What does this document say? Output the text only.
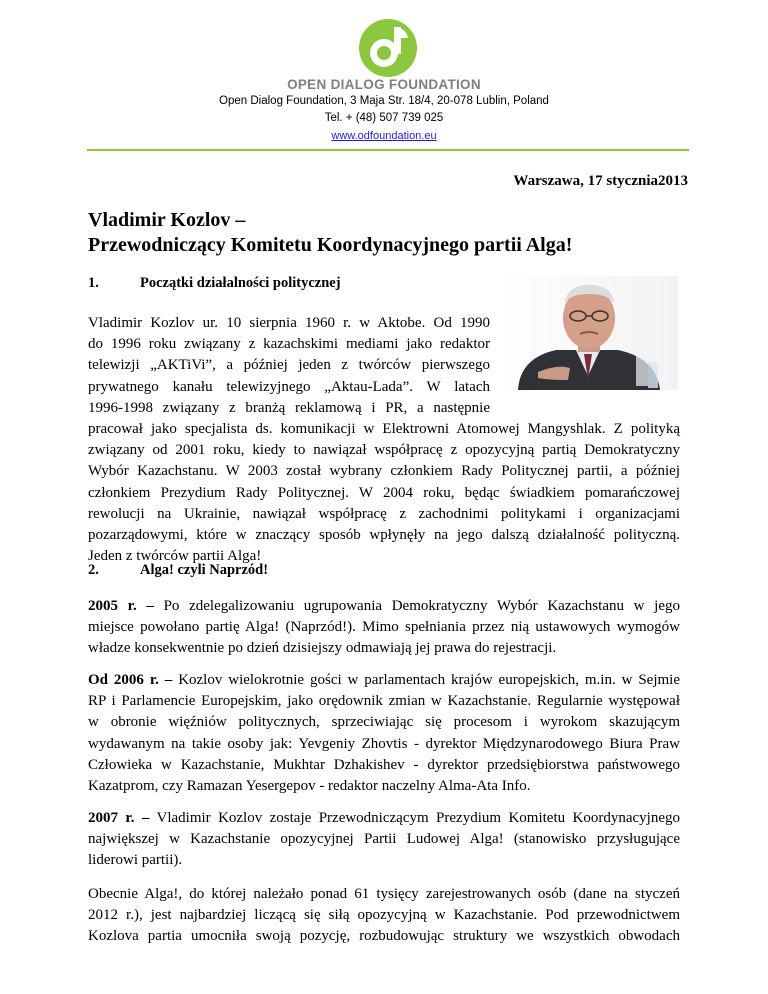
OPEN DIALOG FOUNDATION
Open Dialog Foundation, 3 Maja Str. 18/4, 20-078 Lublin, Poland
Tel. + (48) 507 739 025
www.odfoundation.eu
Warszawa, 17 stycznia2013
Vladimir Kozlov –
Przewodniczący Komitetu Koordynacyjnego partii Alga!
1.	Początki działalności politycznej
Vladimir Kozlov ur. 10 sierpnia 1960 r. w Aktobe. Od 1990
do 1996 roku związany z kazachskimi mediami jako redaktor
telewizji „AKTiVi”, a później jeden z twórców pierwszego
prywatnego kanału telewizyjnego „Aktau-Lada”. W latach
1996-1998 związany z branżą reklamową i PR, a następnie
pracował jako specjalista ds. komunikacji w Elektrowni Atomowej Mangyshlak. Z polityką
związany od 2001 roku, kiedy to nawiązał współpracę z opozycyjną partią Demokratyczny
Wybór Kazachstanu. W 2003 został wybrany członkiem Rady Politycznej partii, a później
członkiem Prezydium Rady Politycznej. W 2004 roku, będąc świadkiem pomarańczowej
rewolucji na Ukrainie, nawiązał współpracę z zachodnimi politykami i organizacjami
pozarządowymi, które w znaczący sposób wpłynęły na jego dalszą działalność polityczną.
Jeden z twórców partii Alga!
2.	Alga! czyli Naprzód!
2005 r. – Po zdelegalizowaniu ugrupowania Demokratyczny Wybór Kazachstanu w jego
miejsce powołano partię Alga! (Naprzód!). Mimo spełniania przez nią ustawowych wymogów
władze konsekwentnie po dzień dzisiejszy odmawiają jej prawa do rejestracji.
Od 2006 r. – Kozlov wielokrotnie gości w parlamentach krajów europejskich, m.in. w Sejmie
RP i Parlamencie Europejskim, jako orędownik zmian w Kazachstanie. Regularnie występował
w obronie więźniów politycznych, sprzeciwiając się procesom i wyrokom skazującym
wydawanym na takie osoby jak: Yevgeniy Zhovtis - dyrektor Międzynarodowego Biura Praw
Człowieka w Kazachstanie, Mukhtar Dzhakishev - dyrektor przedsiębiorstwa państwowego
Kazatprom, czy Ramazan Yesergepov - redaktor naczelny Alma-Ata Info.
2007 r. – Vladimir Kozlov zostaje Przewodniczącym Prezydium Komitetu Koordynacyjnego
największej w Kazachstanie opozycyjnej Partii Ludowej Alga! (stanowisko przysługujące
liderowi partii).
Obecnie Alga!, do której należało ponad 61 tysięcy zarejestrowanych osób (dane na styczeń
2012 r.), jest najbardziej liczącą się siłą opozycyjną w Kazachstanie. Pod przewodnictwem
Kozlova partia umocniła swoją pozycję, rozbudowując struktury we wszystkich obwodach
